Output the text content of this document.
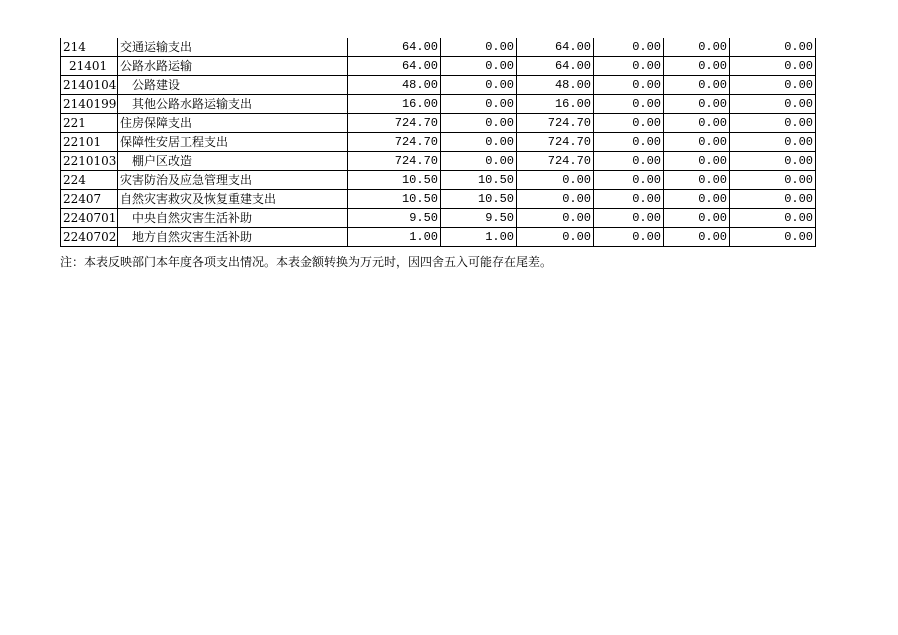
214	交通运输支出	64.00	0.00	64.00	0.00	0.00	0.00
21401	公路水路运输	64.00	0.00	64.00	0.00	0.00	0.00
2140104	公路建设	48.00	0.00	48.00	0.00	0.00	0.00
2140199	其他公路水路运输支出	16.00	0.00	16.00	0.00	0.00	0.00
221	住房保障支出	724.70	0.00	724.70	0.00	0.00	0.00
22101	保障性安居工程支出	724.70	0.00	724.70	0.00	0.00	0.00
2210103	棚户区改造	724.70	0.00	724.70	0.00	0.00	0.00
224	灾害防治及应急管理支出	10.50	10.50	0.00	0.00	0.00	0.00
22407	自然灾害救灾及恢复重建支出	10.50	10.50	0.00	0.00	0.00	0.00
2240701	中央自然灾害生活补助	9.50	9.50	0.00	0.00	0.00	0.00
2240702	地方自然灾害生活补助	1.00	1.00	0.00	0.00	0.00	0.00
注：本表反映部门本年度各项支出情况。本表金额转换为万元时，因四舍五入可能存在尾差。
